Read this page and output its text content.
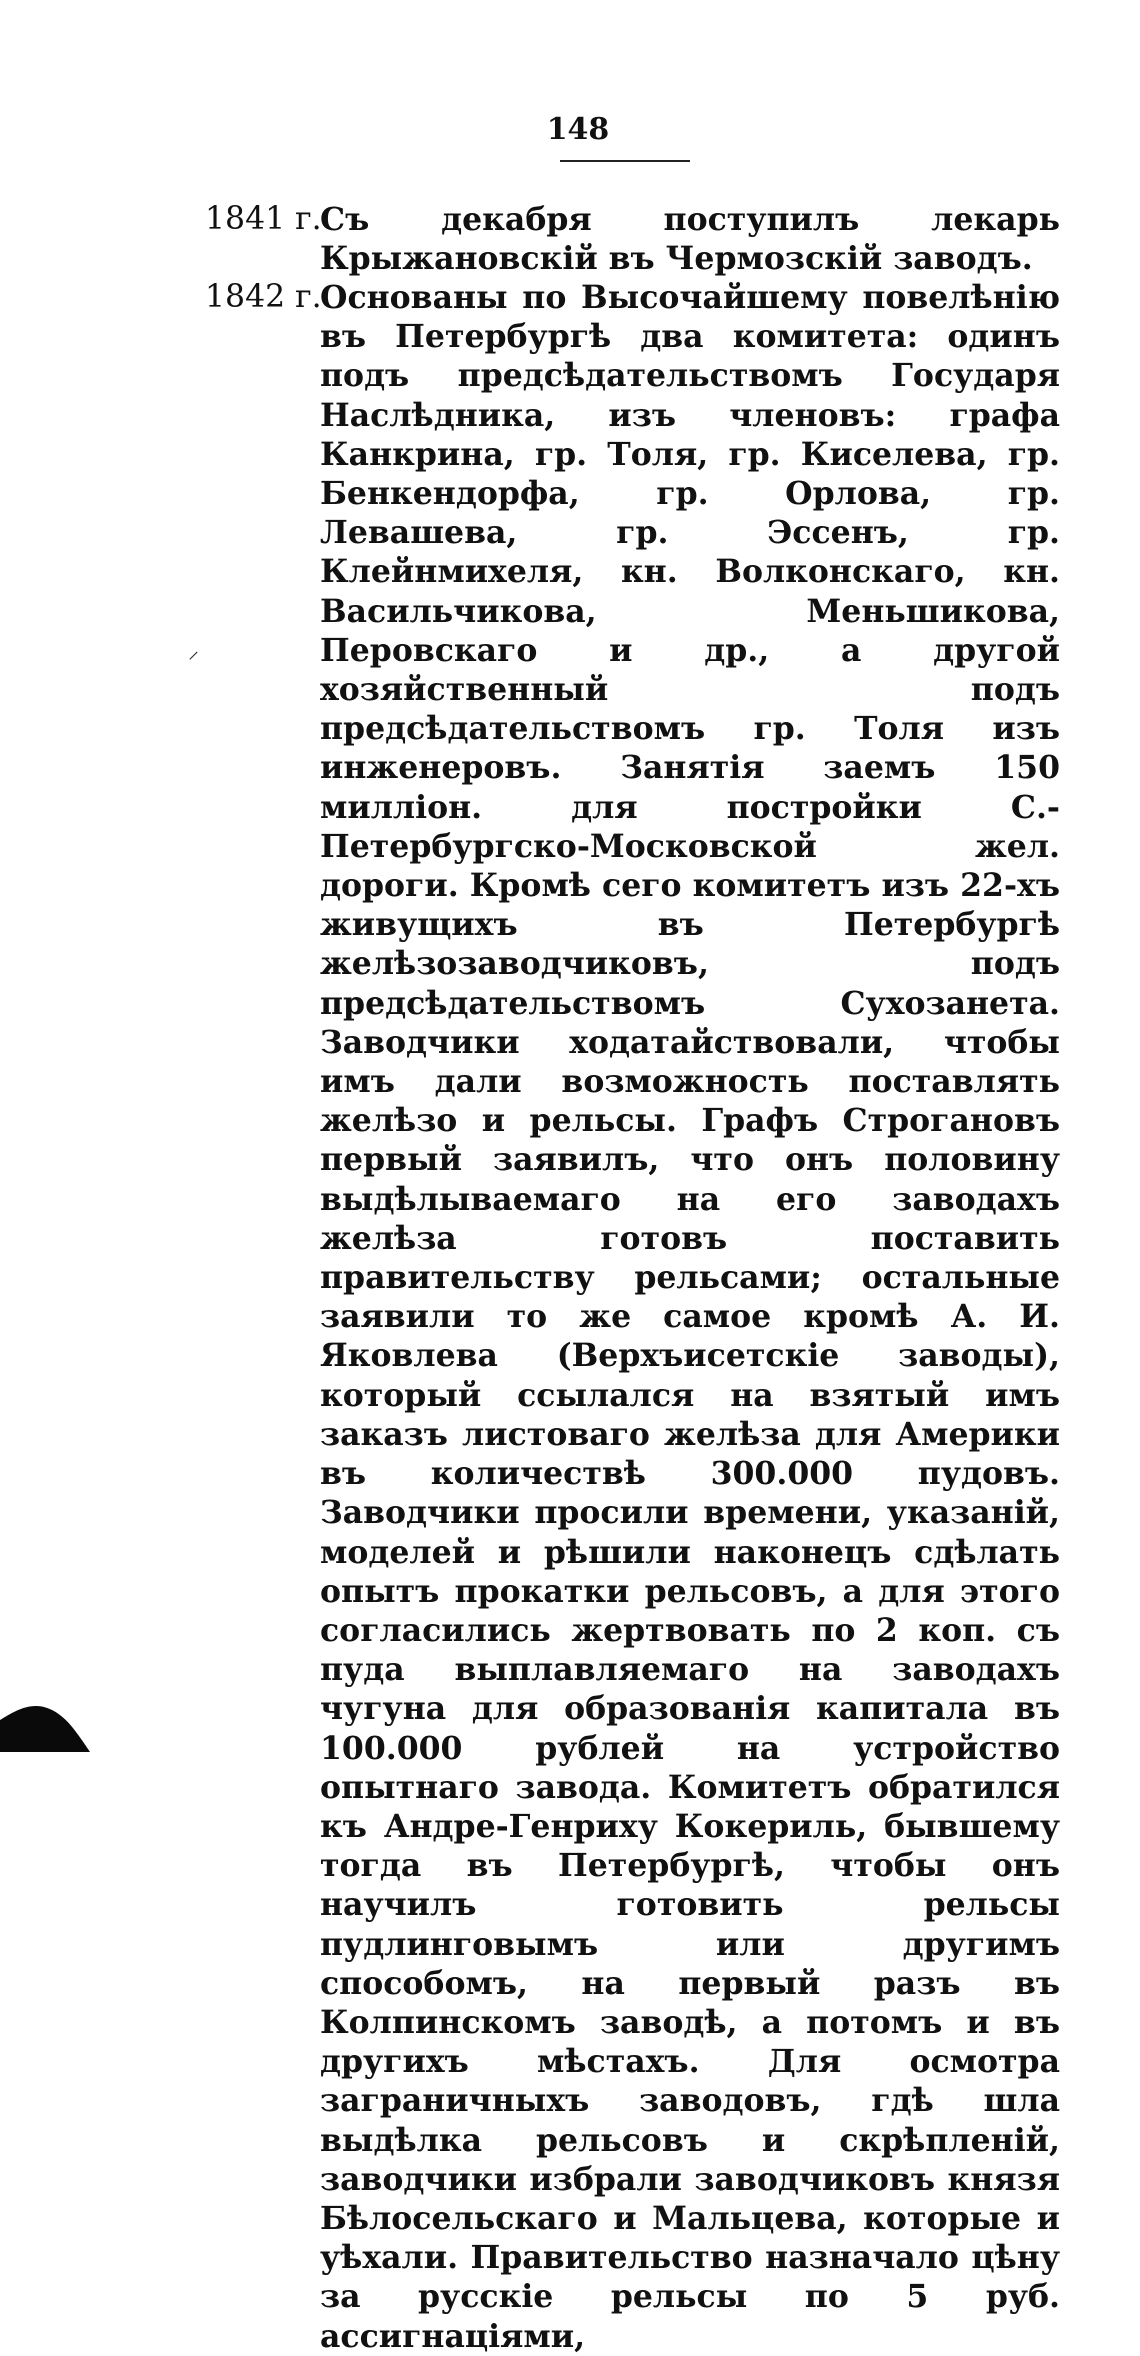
148
1841 г.
Съ декабря поступилъ лекарь Крыжановскій въ Чермозскій заводъ.
1842 г.
Основаны по Высочайшему повелѣнію въ Петербургѣ два комитета: одинъ подъ предсѣдательствомъ Государя Наслѣдника, изъ членовъ: графа Канкрина, гр. Толя, гр. Киселева, гр. Бенкендорфа, гр. Орлова, гр. Левашева, гр. Эссенъ, гр. Клейнмихеля, кн. Волконскаго, кн. Васильчикова, Меньшикова, Перовскаго и др., а другой хозяйственный подъ предсѣдательствомъ гр. Толя изъ инженеровъ. Занятія заемъ 150 милліон. для постройки С.-Петербургско-Московской жел. дороги. Кромѣ сего комитетъ изъ 22-хъ живущихъ въ Петербургѣ желѣзозаводчиковъ, подъ предсѣдательствомъ Сухозанета. Заводчики ходатайствовали, чтобы имъ дали возможность поставлять желѣзо и рельсы. Графъ Строгановъ первый заявилъ, что онъ половину выдѣлываемаго на его заводахъ желѣза готовъ поставить правительству рельсами; остальные заявили то же самое кромѣ А. И. Яковлева (Верхъисетскіе заводы), который ссылался на взятый имъ заказъ листоваго желѣза для Америки въ количествѣ 300.000 пудовъ. Заводчики просили времени, указаній, моделей и рѣшили наконецъ сдѣлать опытъ прокатки рельсовъ, а для этого согласились жертвовать по 2 коп. съ пуда выплавляемаго на заводахъ чугуна для образованія капитала въ 100.000 рублей на устройство опытнаго завода. Комитетъ обратился къ Андре-Генриху Кокериль, бывшему тогда въ Петербургѣ, чтобы онъ научилъ готовить рельсы пудлинговымъ или другимъ способомъ, на первый разъ въ Колпинскомъ заводѣ, а потомъ и въ другихъ мѣстахъ. Для осмотра заграничныхъ заводовъ, гдѣ шла выдѣлка рельсовъ и скрѣпленій, заводчики избрали заводчиковъ князя Бѣлосельскаго и Мальцева, которые и уѣхали. Правительство назначало цѣну за русскіе рельсы по 5 руб. ассигнаціями,
⸝
